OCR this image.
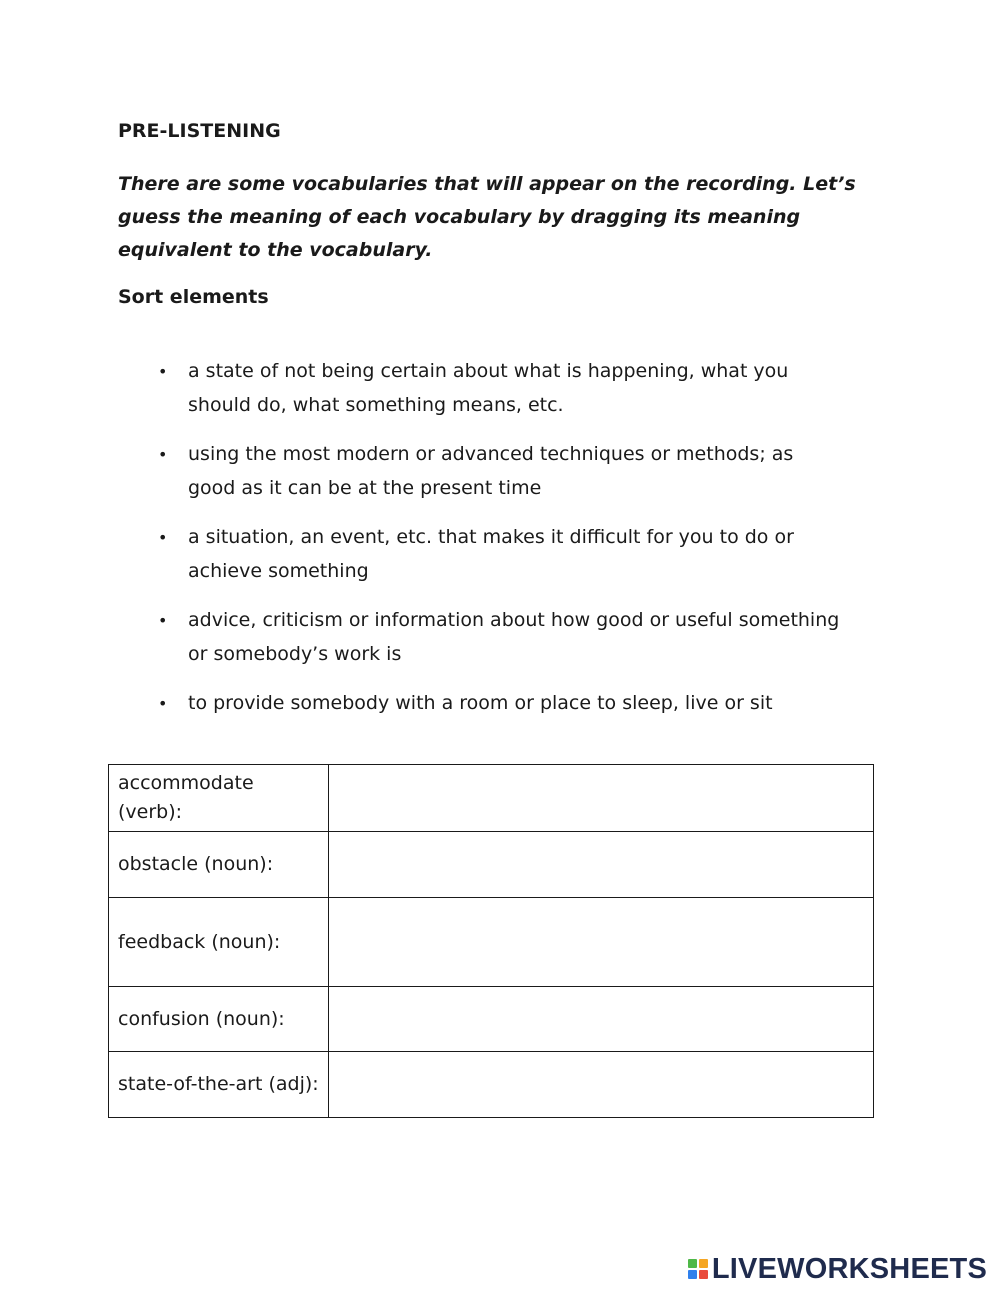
PRE-LISTENING

There are some vocabularies that will appear on the recording. Let’s guess the meaning of each vocabulary by dragging its meaning equivalent to the vocabulary.

Sort elements
• a state of not being certain about what is happening, what you should do, what something means, etc.
• using the most modern or advanced techniques or methods; as good as it can be at the present time
• a situation, an event, etc. that makes it difficult for you to do or achieve something
• advice, criticism or information about how good or useful something or somebody’s work is
• to provide somebody with a room or place to sleep, live or sit
accommodate (verb):	
obstacle (noun):	
feedback (noun):	
confusion (noun):	
state-of-the-art (adj):	
LIVEWORKSHEETS
